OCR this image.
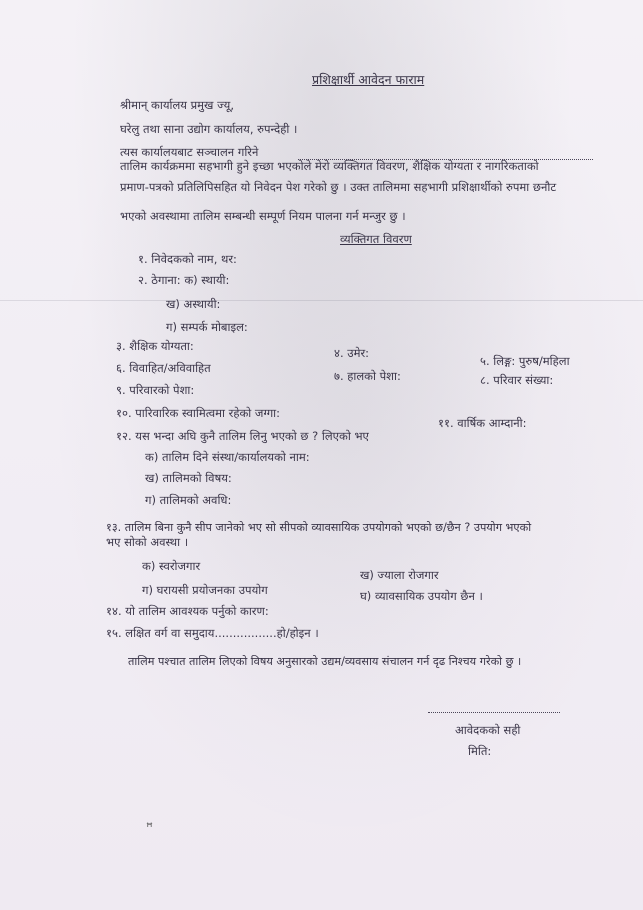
प्रशिक्षार्थी आवेदन फाराम
श्रीमान् कार्यालय प्रमुख ज्यू,
घरेलु तथा साना उद्योग कार्यालय, रुपन्देही ।
त्यस कार्यालयबाट सञ्चालन गरिने
तालिम कार्यक्रममा सहभागी हुने इच्छा भएकोले मेरो व्यक्तिगत विवरण, शैक्षिक योग्यता र नागरिकताको
प्रमाण-पत्रको प्रतिलिपिसहित यो निवेदन पेश गरेको छु । उक्त तालिममा सहभागी प्रशिक्षार्थीको रुपमा छनौट
भएको अवस्थामा तालिम सम्बन्धी सम्पूर्ण नियम पालना गर्न मन्जुर छु ।
व्यक्तिगत विवरण
१. निवेदकको नाम, थर:
२. ठेगाना: क) स्थायी:
ख) अस्थायी:
ग) सम्पर्क मोबाइल:
३. शैक्षिक योग्यता:	४. उमेर:
५. लिङ्ग: पुरुष/महिला
६. विवाहित/अविवाहित
७. हालको पेशा:	८. परिवार संख्या:
९. परिवारको पेशा:
१०. पारिवारिक स्वामित्वमा रहेको जग्गा:
११. वार्षिक आम्दानी:
१२. यस भन्दा अघि कुनै तालिम लिनु भएको छ ? लिएको भए
क) तालिम दिने संस्था/कार्यालयको नाम:
ख) तालिमको विषय:
ग) तालिमको अवधि:
१३. तालिम बिना कुनै सीप जानेको भए सो सीपको व्यावसायिक उपयोगको भएको छ/छैन ? उपयोग भएको
भए सोको अवस्था ।
क) स्वरोजगार
ख) ज्याला रोजगार
ग) घरायसी प्रयोजनका उपयोग	घ) व्यावसायिक उपयोग छैन ।
१४. यो तालिम आवश्यक पर्नुको कारण:
१५. लक्षित वर्ग वा समुदाय.................हो/होइन ।
तालिम पश्चात तालिम लिएको विषय अनुसारको उद्यम/व्यवसाय संचालन गर्न दृढ निश्चय गरेको छु ।
आवेदकको सही
मिति:
ꟸ
